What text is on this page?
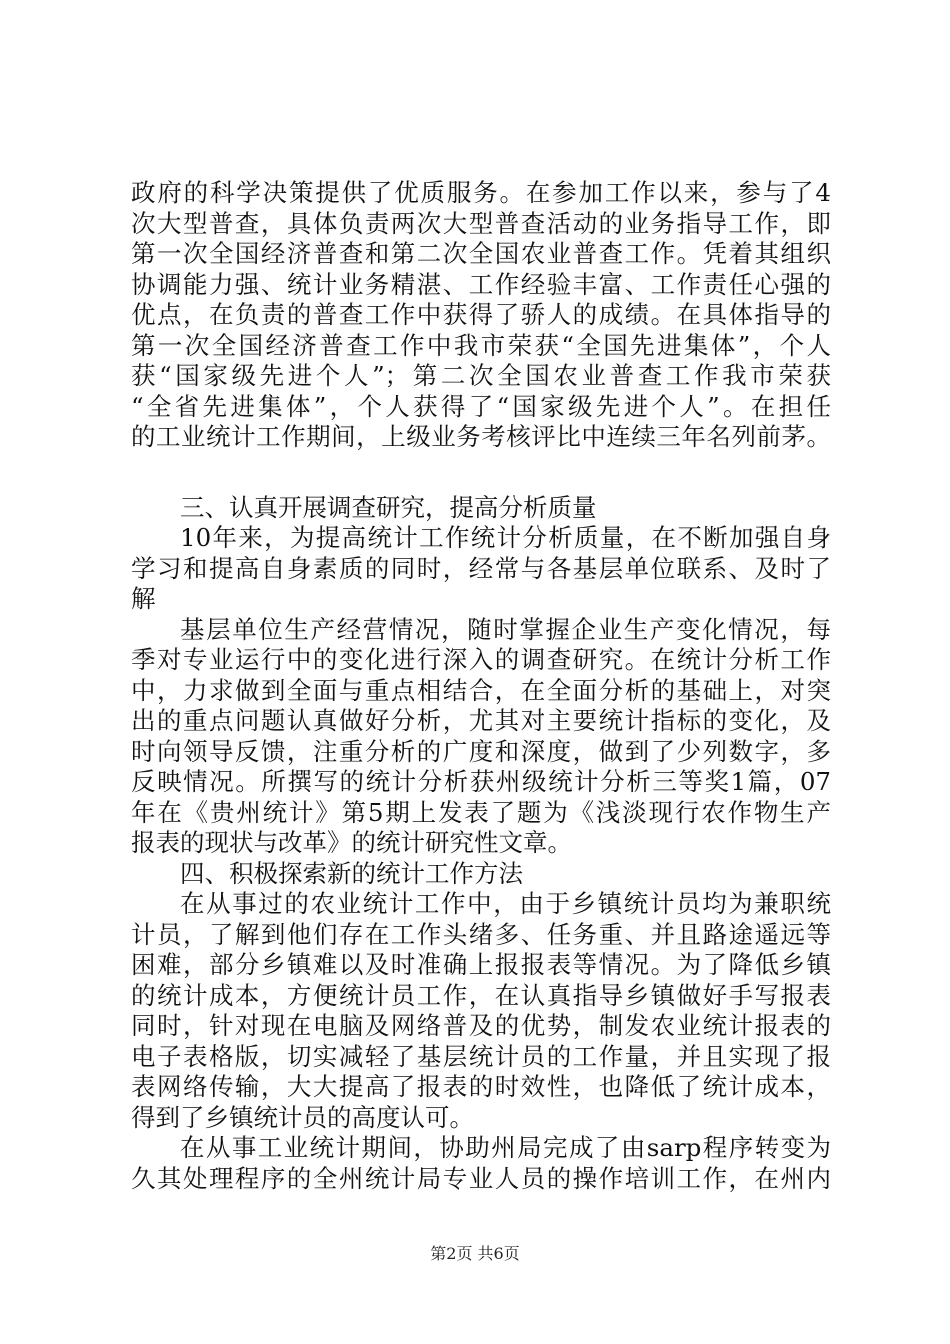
政府的科学决策提供了优质服务。在参加工作以来，参与了4
次大型普查，具体负责两次大型普查活动的业务指导工作，即
第一次全国经济普查和第二次全国农业普查工作。凭着其组织
协调能力强、统计业务精湛、工作经验丰富、工作责任心强的
优点，在负责的普查工作中获得了骄人的成绩。在具体指导的
第一次全国经济普查工作中我市荣获“全国先进集体”，个人
获“国家级先进个人”；第二次全国农业普查工作我市荣获
“全省先进集体”，个人获得了“国家级先进个人”。在担任
的工业统计工作期间，上级业务考核评比中连续三年名列前茅。
三、认真开展调查研究，提高分析质量
10年来，为提高统计工作统计分析质量，在不断加强自身
学习和提高自身素质的同时，经常与各基层单位联系、及时了
解
基层单位生产经营情况，随时掌握企业生产变化情况，每
季对专业运行中的变化进行深入的调查研究。在统计分析工作
中，力求做到全面与重点相结合，在全面分析的基础上，对突
出的重点问题认真做好分析，尤其对主要统计指标的变化，及
时向领导反馈，注重分析的广度和深度，做到了少列数字，多
反映情况。所撰写的统计分析获州级统计分析三等奖1篇，07
年在《贵州统计》第5期上发表了题为《浅淡现行农作物生产
报表的现状与改革》的统计研究性文章。
四、积极探索新的统计工作方法
在从事过的农业统计工作中，由于乡镇统计员均为兼职统
计员，了解到他们存在工作头绪多、任务重、并且路途遥远等
困难，部分乡镇难以及时准确上报报表等情况。为了降低乡镇
的统计成本，方便统计员工作，在认真指导乡镇做好手写报表
同时，针对现在电脑及网络普及的优势，制发农业统计报表的
电子表格版，切实减轻了基层统计员的工作量，并且实现了报
表网络传输，大大提高了报表的时效性，也降低了统计成本，
得到了乡镇统计员的高度认可。
在从事工业统计期间，协助州局完成了由sarp程序转变为
久其处理程序的全州统计局专业人员的操作培训工作，在州内
第2页 共6页
